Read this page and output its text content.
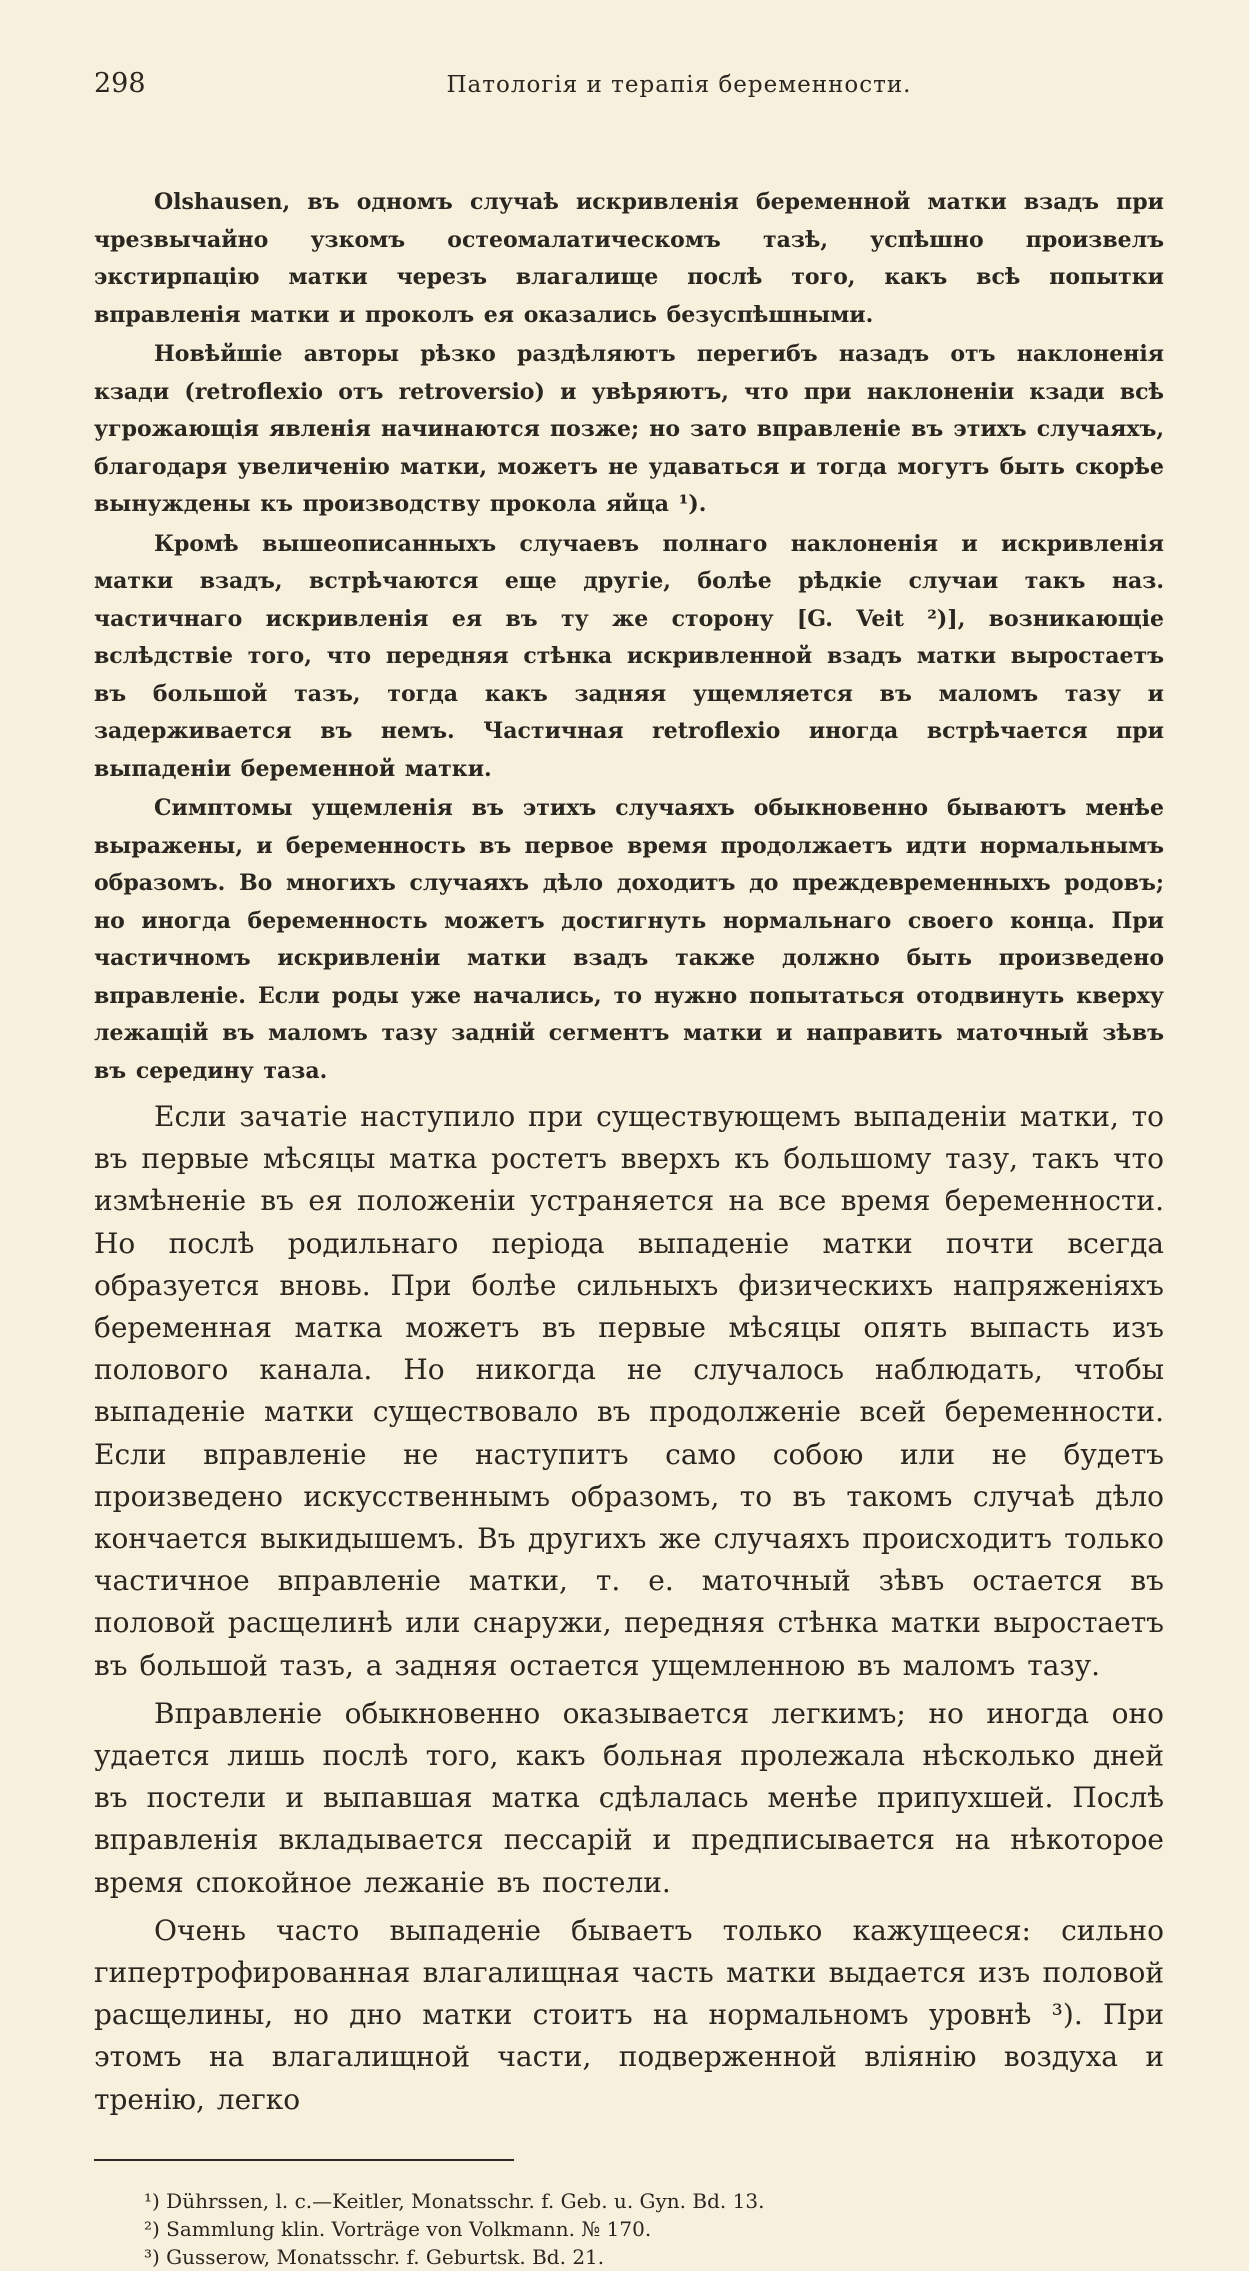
298	Патологія и терапія беременности.

Olshausen, въ одномъ случаѣ искривленія беременной матки взадъ при чрезвычайно узкомъ остеомалатическомъ тазѣ, успѣшно произвелъ экстирпацію матки черезъ влагалище послѣ того, какъ всѣ попытки вправленія матки и проколъ ея оказались безуспѣшными.

Новѣйшіе авторы рѣзко раздѣляютъ перегибъ назадъ отъ наклоненія кзади (retroflexio отъ retroversio) и увѣряютъ, что при наклоненіи кзади всѣ угрожающія явленія начинаются позже; но зато вправленіе въ этихъ случаяхъ, благодаря увеличенію матки, можетъ не удаваться и тогда могутъ быть скорѣе вынуждены къ производству прокола яйца ¹).

Кромѣ вышеописанныхъ случаевъ полнаго наклоненія и искривленія матки взадъ, встрѣчаются еще другіе, болѣе рѣдкіе случаи такъ наз. частичнаго искривленія ея въ ту же сторону [G. Veit ²)], возникающіе вслѣдствіе того, что передняя стѣнка искривленной взадъ матки выростаетъ въ большой тазъ, тогда какъ задняя ущемляется въ маломъ тазу и задерживается въ немъ. Частичная retroflexio иногда встрѣчается при выпаденіи беременной матки.

Симптомы ущемленія въ этихъ случаяхъ обыкновенно бываютъ менѣе выражены, и беременность въ первое время продолжаетъ идти нормальнымъ образомъ. Во многихъ случаяхъ дѣло доходитъ до преждевременныхъ родовъ; но иногда беременность можетъ достигнуть нормальнаго своего конца. При частичномъ искривленіи матки взадъ также должно быть произведено вправленіе. Если роды уже начались, то нужно попытаться отодвинуть кверху лежащій въ маломъ тазу задній сегментъ матки и направить маточный зѣвъ въ середину таза.

Если зачатіе наступило при существующемъ выпаденіи матки, то въ первые мѣсяцы матка ростетъ вверхъ къ большому тазу, такъ что измѣненіе въ ея положеніи устраняется на все время беременности. Но послѣ родильнаго періода выпаденіе матки почти всегда образуется вновь. При болѣе сильныхъ физическихъ напряженіяхъ беременная матка можетъ въ первые мѣсяцы опять выпасть изъ полового канала. Но никогда не случалось наблюдать, чтобы выпаденіе матки существовало въ продолженіе всей беременности. Если вправленіе не наступитъ само собою или не будетъ произведено искусственнымъ образомъ, то въ такомъ случаѣ дѣло кончается выкидышемъ. Въ другихъ же случаяхъ происходитъ только частичное вправленіе матки, т. е. маточный зѣвъ остается въ половой расщелинѣ или снаружи, передняя стѣнка матки выростаетъ въ большой тазъ, а задняя остается ущемленною въ маломъ тазу.

Вправленіе обыкновенно оказывается легкимъ; но иногда оно удается лишь послѣ того, какъ больная пролежала нѣсколько дней въ постели и выпавшая матка сдѣлалась менѣе припухшей. Послѣ вправленія вкладывается пессарій и предписывается на нѣкоторое время спокойное лежаніе въ постели.

Очень часто выпаденіе бываетъ только кажущееся: сильно гипертрофированная влагалищная часть матки выдается изъ половой расщелины, но дно матки стоитъ на нормальномъ уровнѣ ³). При этомъ на влагалищной части, подверженной вліянію воздуха и тренію, легко

¹) Dührssen, l. c.—Keitler, Monatsschr. f. Geb. u. Gyn. Bd. 13.

²) Sammlung klin. Vorträge von Volkmann. № 170.

³) Gusserow, Monatsschr. f. Geburtsk. Bd. 21.
